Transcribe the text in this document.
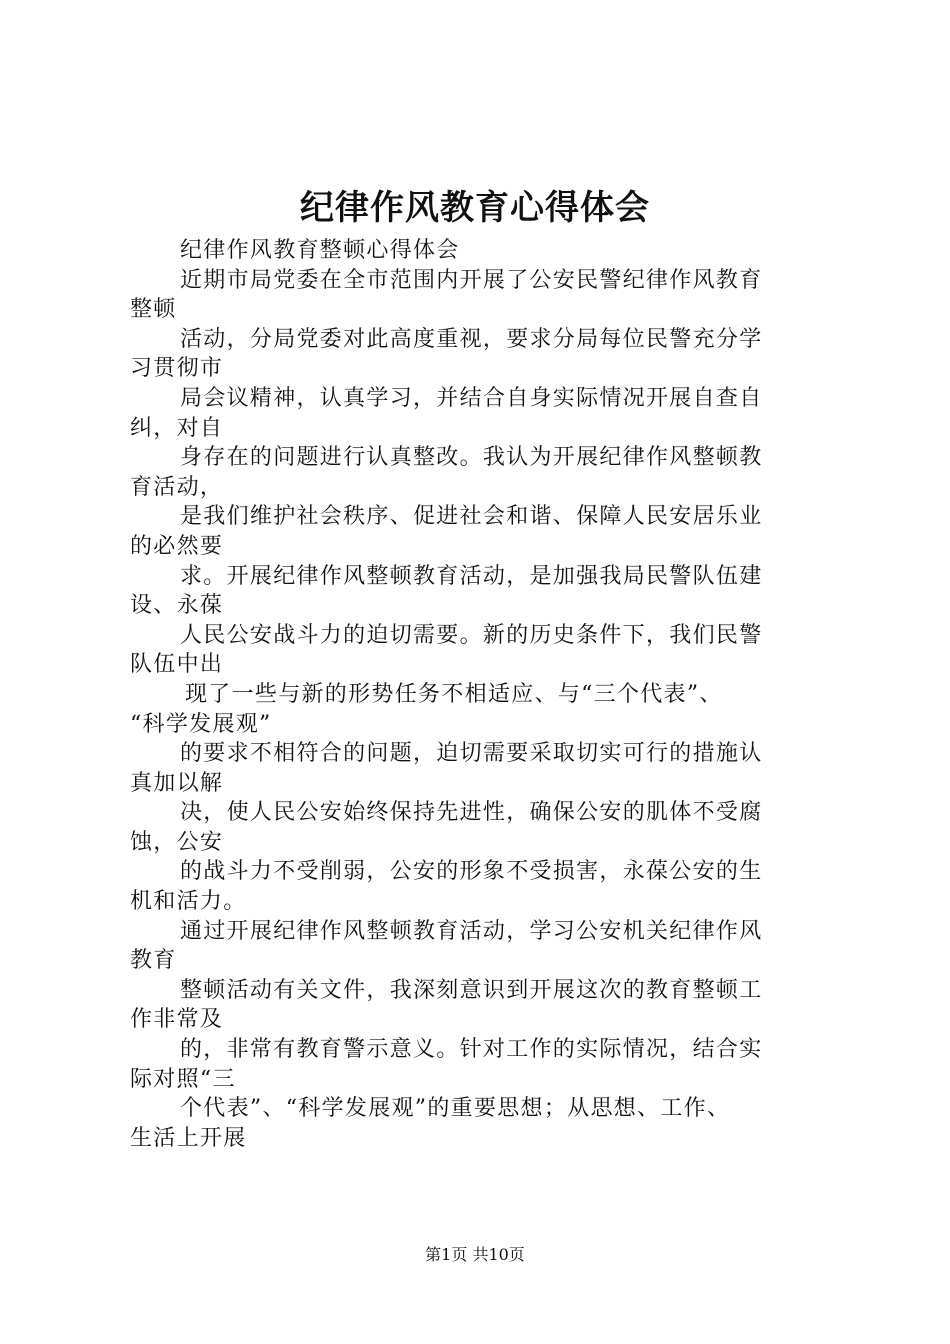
纪律作风教育心得体会
纪律作风教育整顿心得体会
近期市局党委在全市范围内开展了公安民警纪律作风教育
整顿
活动，分局党委对此高度重视，要求分局每位民警充分学
习贯彻市
局会议精神，认真学习，并结合自身实际情况开展自查自
纠，对自
身存在的问题进行认真整改。我认为开展纪律作风整顿教
育活动，
是我们维护社会秩序、促进社会和谐、保障人民安居乐业
的必然要
求。开展纪律作风整顿教育活动，是加强我局民警队伍建
设、永葆
人民公安战斗力的迫切需要。新的历史条件下，我们民警
队伍中出
现了一些与新的形势任务不相适应、与“三个代表”、
“科学发展观”
的要求不相符合的问题，迫切需要采取切实可行的措施认
真加以解
决，使人民公安始终保持先进性，确保公安的肌体不受腐
蚀，公安
的战斗力不受削弱，公安的形象不受损害，永葆公安的生
机和活力。
通过开展纪律作风整顿教育活动，学习公安机关纪律作风
教育
整顿活动有关文件，我深刻意识到开展这次的教育整顿工
作非常及
的，非常有教育警示意义。针对工作的实际情况，结合实
际对照“三
个代表”、“科学发展观”的重要思想；从思想、工作、
生活上开展
第1页 共10页
